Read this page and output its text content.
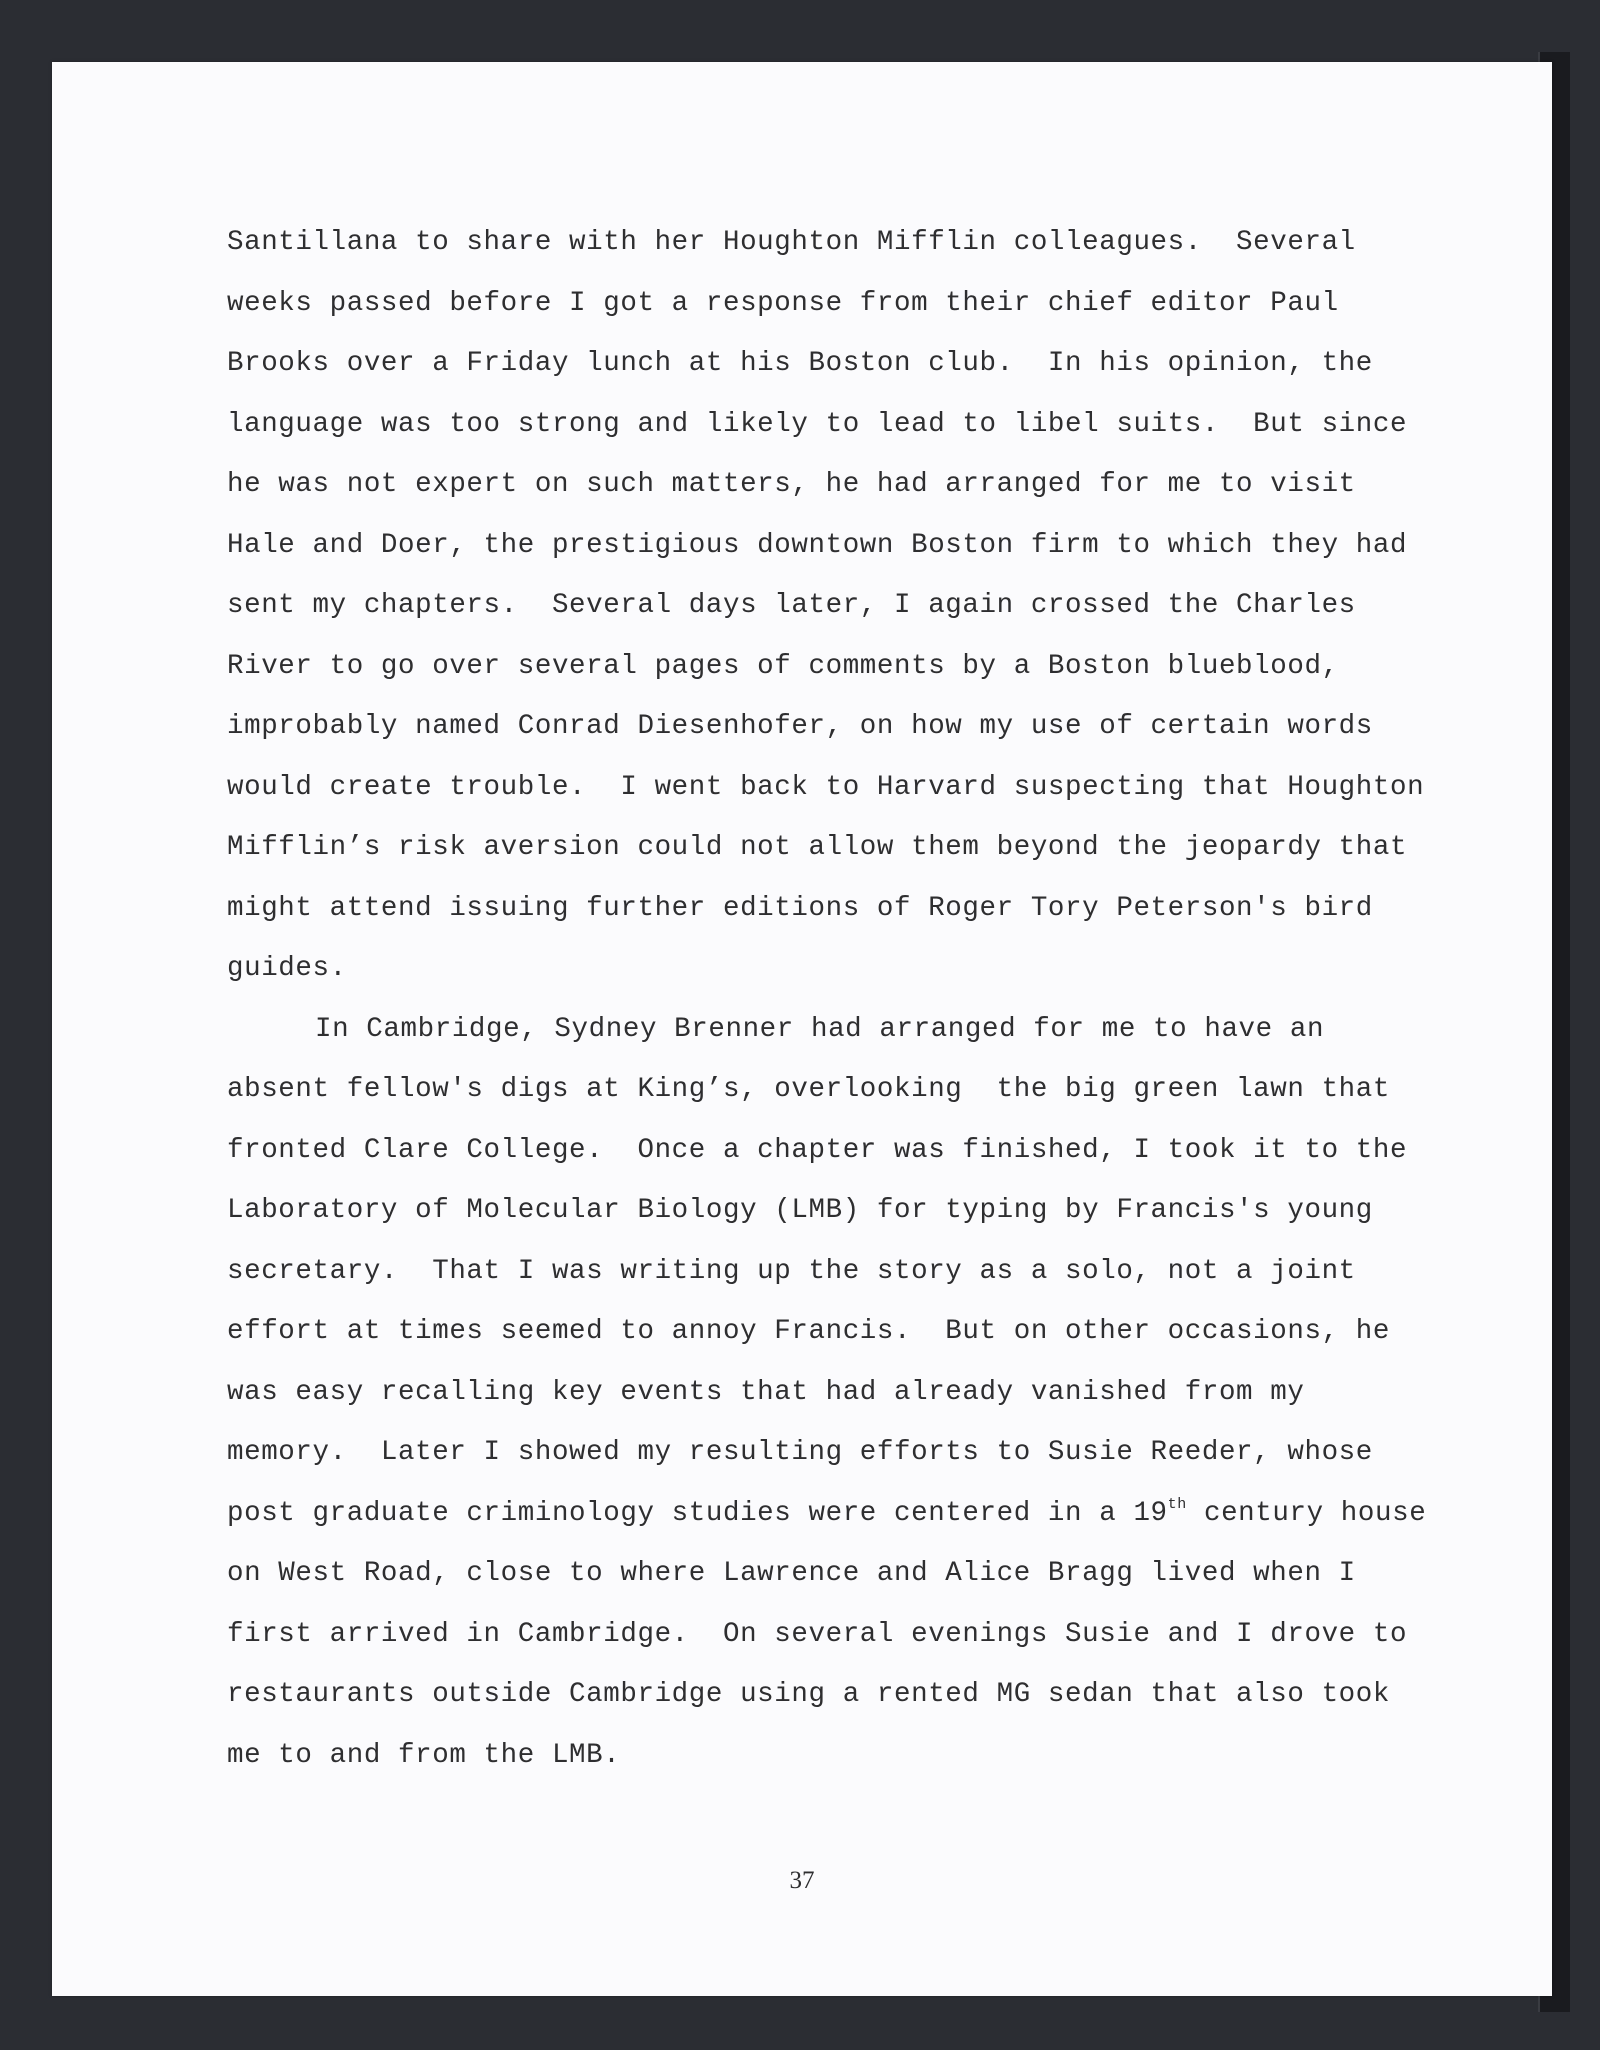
Santillana to share with her Houghton Mifflin colleagues.  Several
weeks passed before I got a response from their chief editor Paul
Brooks over a Friday lunch at his Boston club.  In his opinion, the
language was too strong and likely to lead to libel suits.  But since
he was not expert on such matters, he had arranged for me to visit
Hale and Doer, the prestigious downtown Boston firm to which they had
sent my chapters.  Several days later, I again crossed the Charles
River to go over several pages of comments by a Boston blueblood,
improbably named Conrad Diesenhofer, on how my use of certain words
would create trouble.  I went back to Harvard suspecting that Houghton
Mifflin’s risk aversion could not allow them beyond the jeopardy that
might attend issuing further editions of Roger Tory Peterson's bird
guides.
In Cambridge, Sydney Brenner had arranged for me to have an
absent fellow's digs at King’s, overlooking  the big green lawn that
fronted Clare College.  Once a chapter was finished, I took it to the
Laboratory of Molecular Biology (LMB) for typing by Francis's young
secretary.  That I was writing up the story as a solo, not a joint
effort at times seemed to annoy Francis.  But on other occasions, he
was easy recalling key events that had already vanished from my
memory.  Later I showed my resulting efforts to Susie Reeder, whose
post graduate criminology studies were centered in a 19th century house
on West Road, close to where Lawrence and Alice Bragg lived when I
first arrived in Cambridge.  On several evenings Susie and I drove to
restaurants outside Cambridge using a rented MG sedan that also took
me to and from the LMB.
37
